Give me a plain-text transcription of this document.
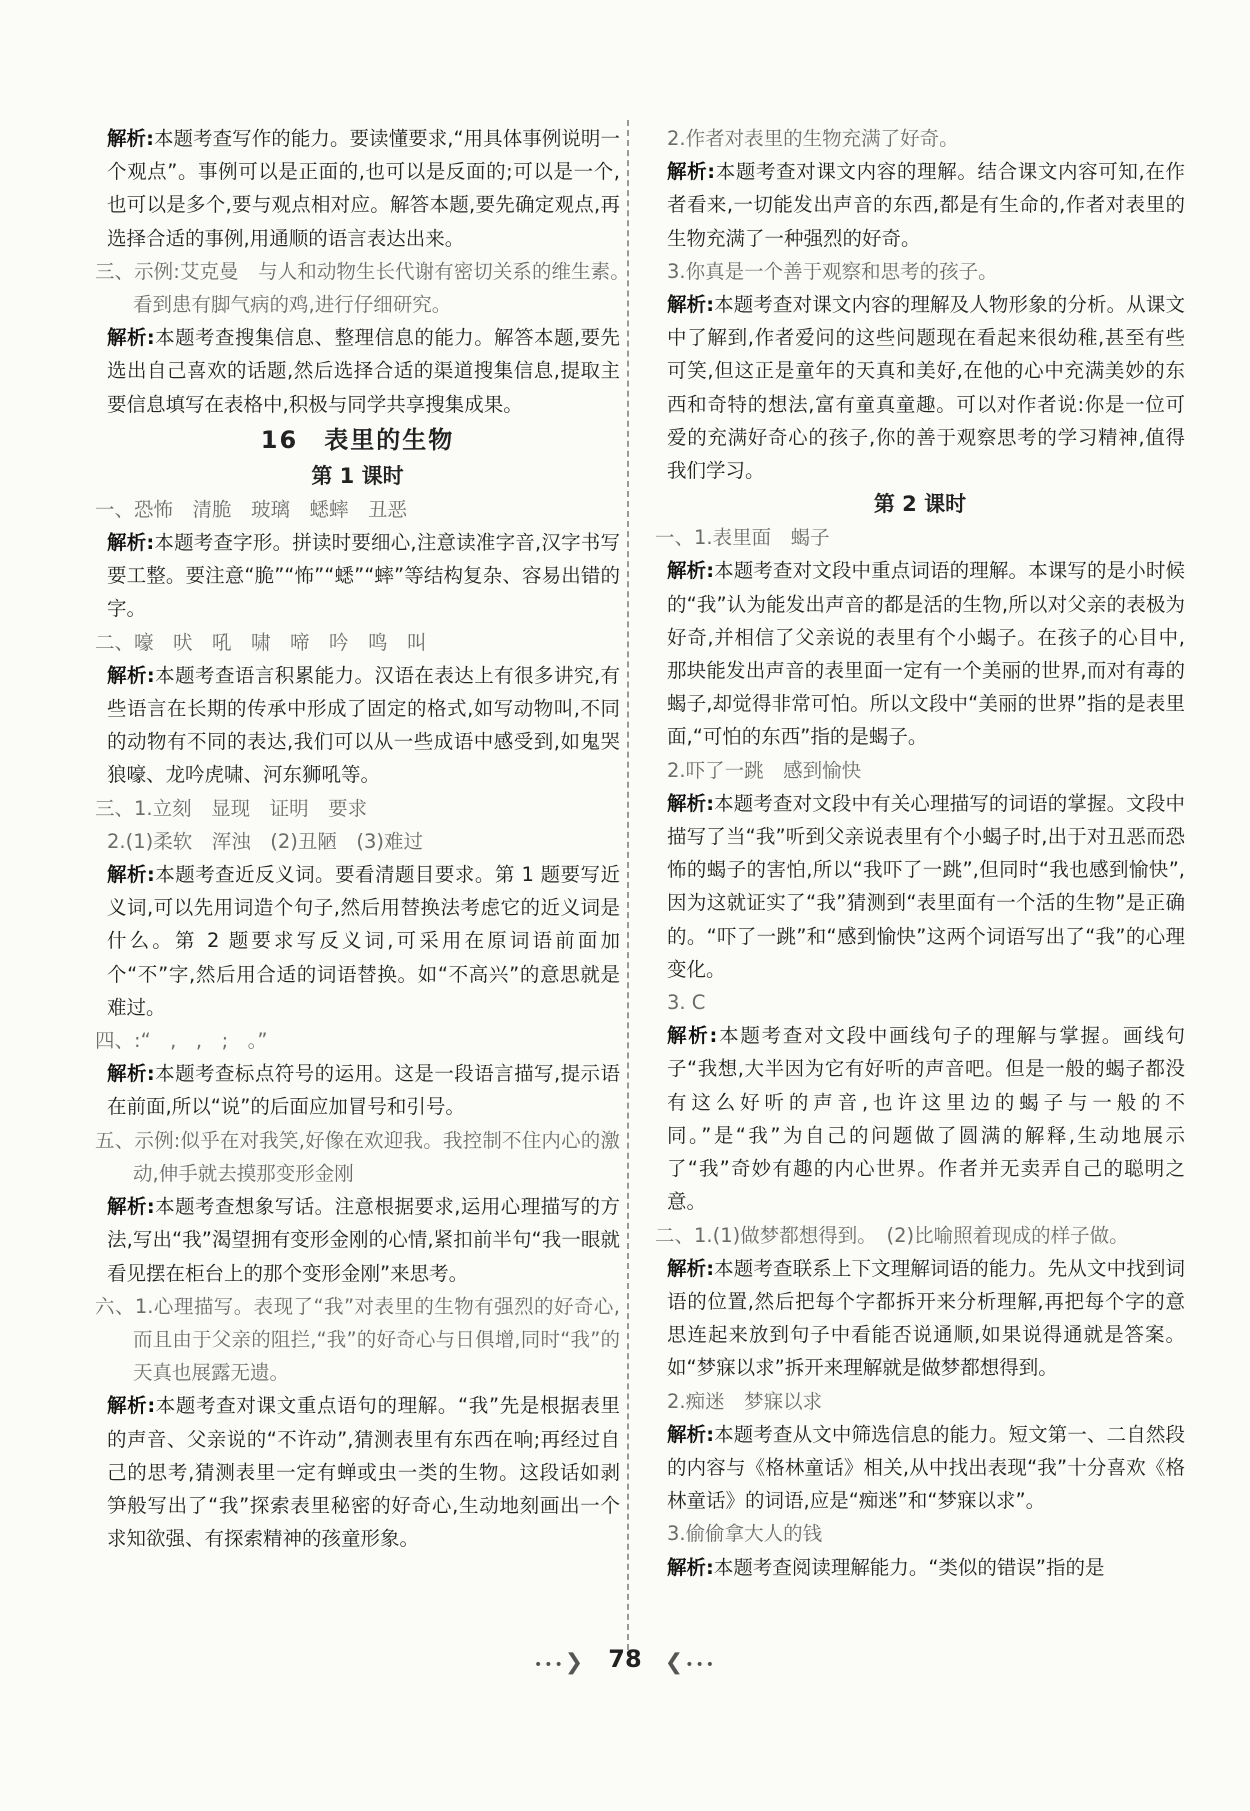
解析:本题考查写作的能力。要读懂要求,“用具体事例说明一个观点”。事例可以是正面的,也可以是反面的;可以是一个,也可以是多个,要与观点相对应。解答本题,要先确定观点,再选择合适的事例,用通顺的语言表达出来。

三、示例:艾克曼　与人和动物生长代谢有密切关系的维生素。　看到患有脚气病的鸡,进行仔细研究。

解析:本题考查搜集信息、整理信息的能力。解答本题,要先选出自己喜欢的话题,然后选择合适的渠道搜集信息,提取主要信息填写在表格中,积极与同学共享搜集成果。

16　表里的生物

第 1 课时

一、恐怖　清脆　玻璃　蟋蟀　丑恶

解析:本题考查字形。拼读时要细心,注意读准字音,汉字书写要工整。要注意“脆”“怖”“蟋”“蟀”等结构复杂、容易出错的字。

二、嚎　吠　吼　啸　啼　吟　鸣　叫

解析:本题考查语言积累能力。汉语在表达上有很多讲究,有些语言在长期的传承中形成了固定的格式,如写动物叫,不同的动物有不同的表达,我们可以从一些成语中感受到,如鬼哭狼嚎、龙吟虎啸、河东狮吼等。

三、1.立刻　显现　证明　要求

2.(1)柔软　浑浊　(2)丑陋　(3)难过

解析:本题考查近反义词。要看清题目要求。第 1 题要写近义词,可以先用词造个句子,然后用替换法考虑它的近义词是什么。第 2 题要求写反义词,可采用在原词语前面加个“不”字,然后用合适的词语替换。如“不高兴”的意思就是难过。

四、:“　,　,　;　。”

解析:本题考查标点符号的运用。这是一段语言描写,提示语在前面,所以“说”的后面应加冒号和引号。

五、示例:似乎在对我笑,好像在欢迎我。我控制不住内心的激动,伸手就去摸那变形金刚

解析:本题考查想象写话。注意根据要求,运用心理描写的方法,写出“我”渴望拥有变形金刚的心情,紧扣前半句“我一眼就看见摆在柜台上的那个变形金刚”来思考。

六、1.心理描写。表现了“我”对表里的生物有强烈的好奇心,而且由于父亲的阻拦,“我”的好奇心与日俱增,同时“我”的天真也展露无遗。

解析:本题考查对课文重点语句的理解。“我”先是根据表里的声音、父亲说的“不许动”,猜测表里有东西在响;再经过自己的思考,猜测表里一定有蝉或虫一类的生物。这段话如剥笋般写出了“我”探索表里秘密的好奇心,生动地刻画出一个求知欲强、有探索精神的孩童形象。

2.作者对表里的生物充满了好奇。

解析:本题考查对课文内容的理解。结合课文内容可知,在作者看来,一切能发出声音的东西,都是有生命的,作者对表里的生物充满了一种强烈的好奇。

3.你真是一个善于观察和思考的孩子。

解析:本题考查对课文内容的理解及人物形象的分析。从课文中了解到,作者爱问的这些问题现在看起来很幼稚,甚至有些可笑,但这正是童年的天真和美好,在他的心中充满美妙的东西和奇特的想法,富有童真童趣。可以对作者说:你是一位可爱的充满好奇心的孩子,你的善于观察思考的学习精神,值得我们学习。

第 2 课时

一、1.表里面　蝎子

解析:本题考查对文段中重点词语的理解。本课写的是小时候的“我”认为能发出声音的都是活的生物,所以对父亲的表极为好奇,并相信了父亲说的表里有个小蝎子。在孩子的心目中,那块能发出声音的表里面一定有一个美丽的世界,而对有毒的蝎子,却觉得非常可怕。所以文段中“美丽的世界”指的是表里面,“可怕的东西”指的是蝎子。

2.吓了一跳　感到愉快

解析:本题考查对文段中有关心理描写的词语的掌握。文段中描写了当“我”听到父亲说表里有个小蝎子时,出于对丑恶而恐怖的蝎子的害怕,所以“我吓了一跳”,但同时“我也感到愉快”,因为这就证实了“我”猜测到“表里面有一个活的生物”是正确的。“吓了一跳”和“感到愉快”这两个词语写出了“我”的心理变化。

3. C

解析:本题考查对文段中画线句子的理解与掌握。画线句子“我想,大半因为它有好听的声音吧。但是一般的蝎子都没有这么好听的声音,也许这里边的蝎子与一般的不同。”是“我”为自己的问题做了圆满的解释,生动地展示了“我”奇妙有趣的内心世界。作者并无卖弄自己的聪明之意。

二、1.(1)做梦都想得到。　(2)比喻照着现成的样子做。

解析:本题考查联系上下文理解词语的能力。先从文中找到词语的位置,然后把每个字都拆开来分析理解,再把每个字的意思连起来放到句子中看能否说通顺,如果说得通就是答案。如“梦寐以求”拆开来理解就是做梦都想得到。

2.痴迷　梦寐以求

解析:本题考查从文中筛选信息的能力。短文第一、二自然段的内容与《格林童话》相关,从中找出表现“我”十分喜欢《格林童话》的词语,应是“痴迷”和“梦寐以求”。

3.偷偷拿大人的钱

解析:本题考查阅读理解能力。“类似的错误”指的是

•••❯ 78 ❮•••
